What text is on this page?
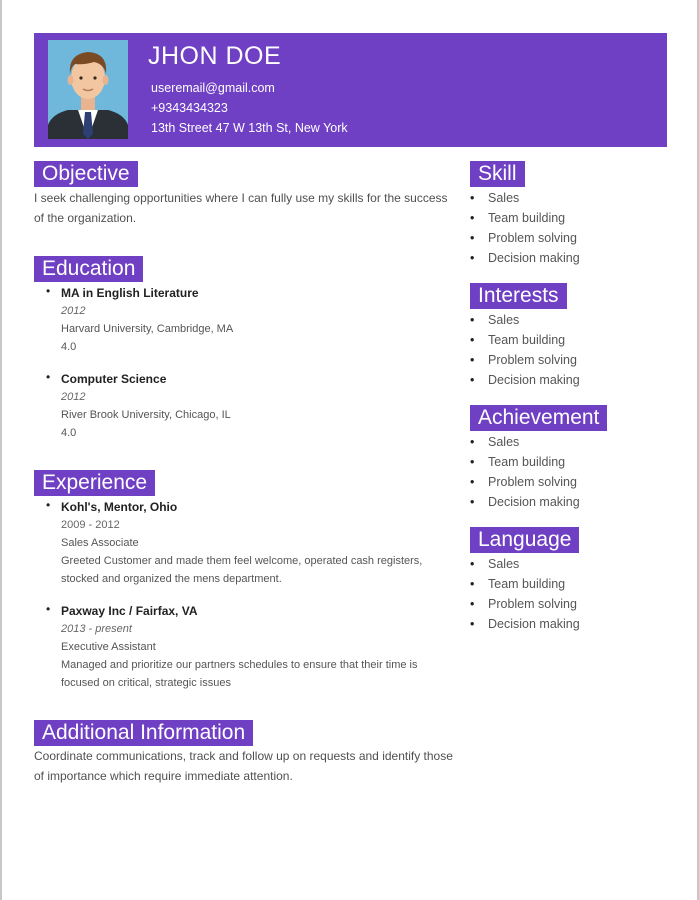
JHON DOE
useremail@gmail.com
+9343434323
13th Street 47 W 13th St, New York
Objective
I seek challenging opportunities where I can fully use my skills for the success of the organization.
Education
• MA in English Literature
2012
Harvard University, Cambridge, MA
4.0
• Computer Science
2012
River Brook University, Chicago, IL
4.0
Experience
• Kohl's, Mentor, Ohio
2009 - 2012
Sales Associate
Greeted Customer and made them feel welcome, operated cash registers, stocked and organized the mens department.
• Paxway Inc / Fairfax, VA
2013 - present
Executive Assistant
Managed and prioritize our partners schedules to ensure that their time is focused on critical, strategic issues
Additional Information
Coordinate communications, track and follow up on requests and identify those of importance which require immediate attention.
Skill
• Sales
• Team building
• Problem solving
• Decision making
Interests
• Sales
• Team building
• Problem solving
• Decision making
Achievement
• Sales
• Team building
• Problem solving
• Decision making
Language
• Sales
• Team building
• Problem solving
• Decision making
